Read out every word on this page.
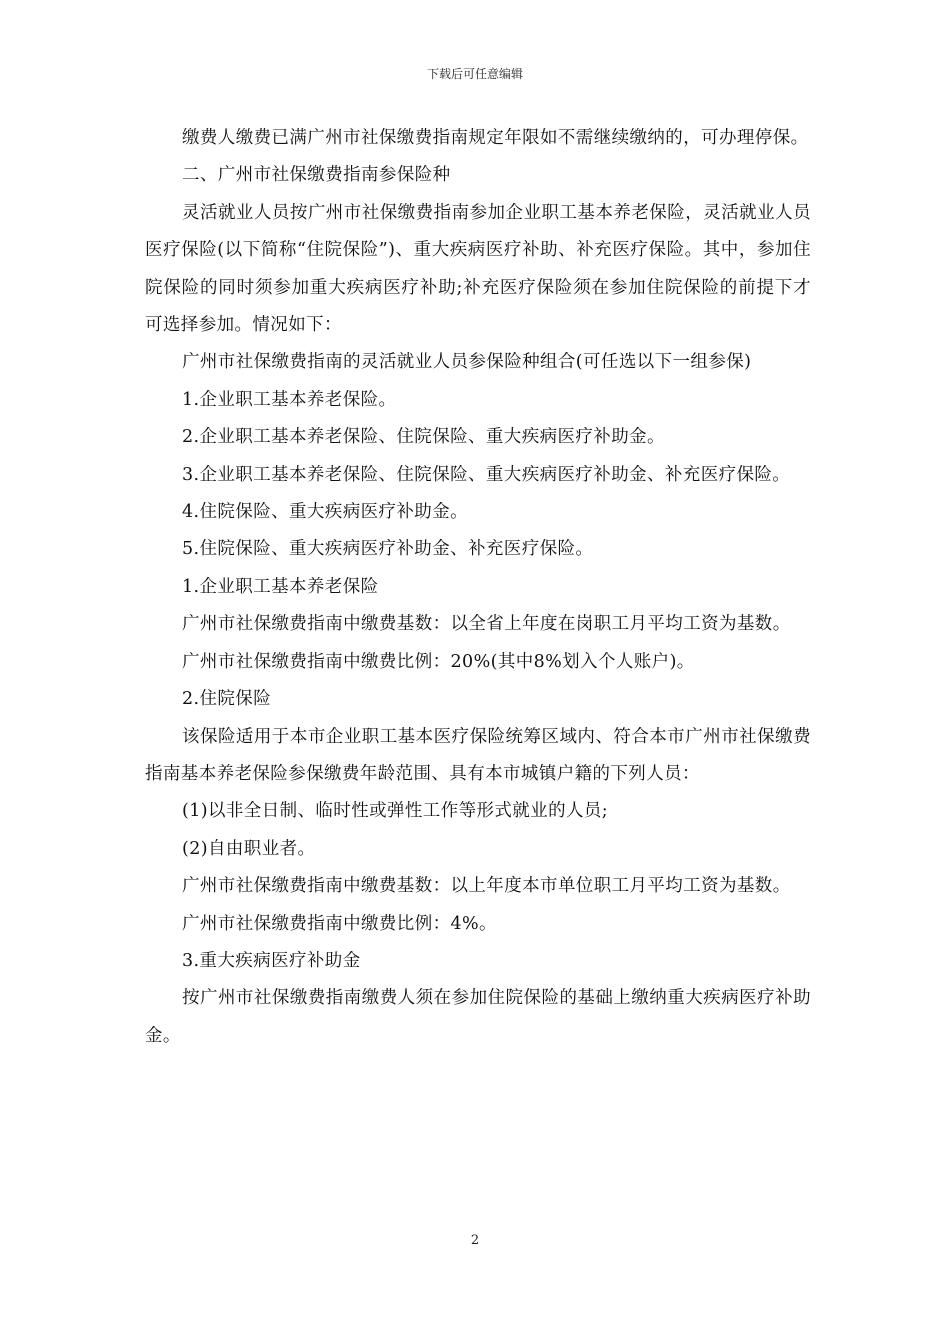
下载后可任意编辑

缴费人缴费已满广州市社保缴费指南规定年限如不需继续缴纳的，可办理停保。

二、广州市社保缴费指南参保险种

灵活就业人员按广州市社保缴费指南参加企业职工基本养老保险，灵活就业人员医疗保险(以下简称“住院保险”)、重大疾病医疗补助、补充医疗保险。其中，参加住院保险的同时须参加重大疾病医疗补助;补充医疗保险须在参加住院保险的前提下才可选择参加。情况如下：

广州市社保缴费指南的灵活就业人员参保险种组合(可任选以下一组参保)

1.企业职工基本养老保险。

2.企业职工基本养老保险、住院保险、重大疾病医疗补助金。

3.企业职工基本养老保险、住院保险、重大疾病医疗补助金、补充医疗保险。

4.住院保险、重大疾病医疗补助金。

5.住院保险、重大疾病医疗补助金、补充医疗保险。

1.企业职工基本养老保险

广州市社保缴费指南中缴费基数：以全省上年度在岗职工月平均工资为基数。

广州市社保缴费指南中缴费比例：20%(其中8%划入个人账户)。

2.住院保险

该保险适用于本市企业职工基本医疗保险统筹区域内、符合本市广州市社保缴费指南基本养老保险参保缴费年龄范围、具有本市城镇户籍的下列人员：

(1)以非全日制、临时性或弹性工作等形式就业的人员;

(2)自由职业者。

广州市社保缴费指南中缴费基数：以上年度本市单位职工月平均工资为基数。

广州市社保缴费指南中缴费比例：4%。

3.重大疾病医疗补助金

按广州市社保缴费指南缴费人须在参加住院保险的基础上缴纳重大疾病医疗补助金。

2
